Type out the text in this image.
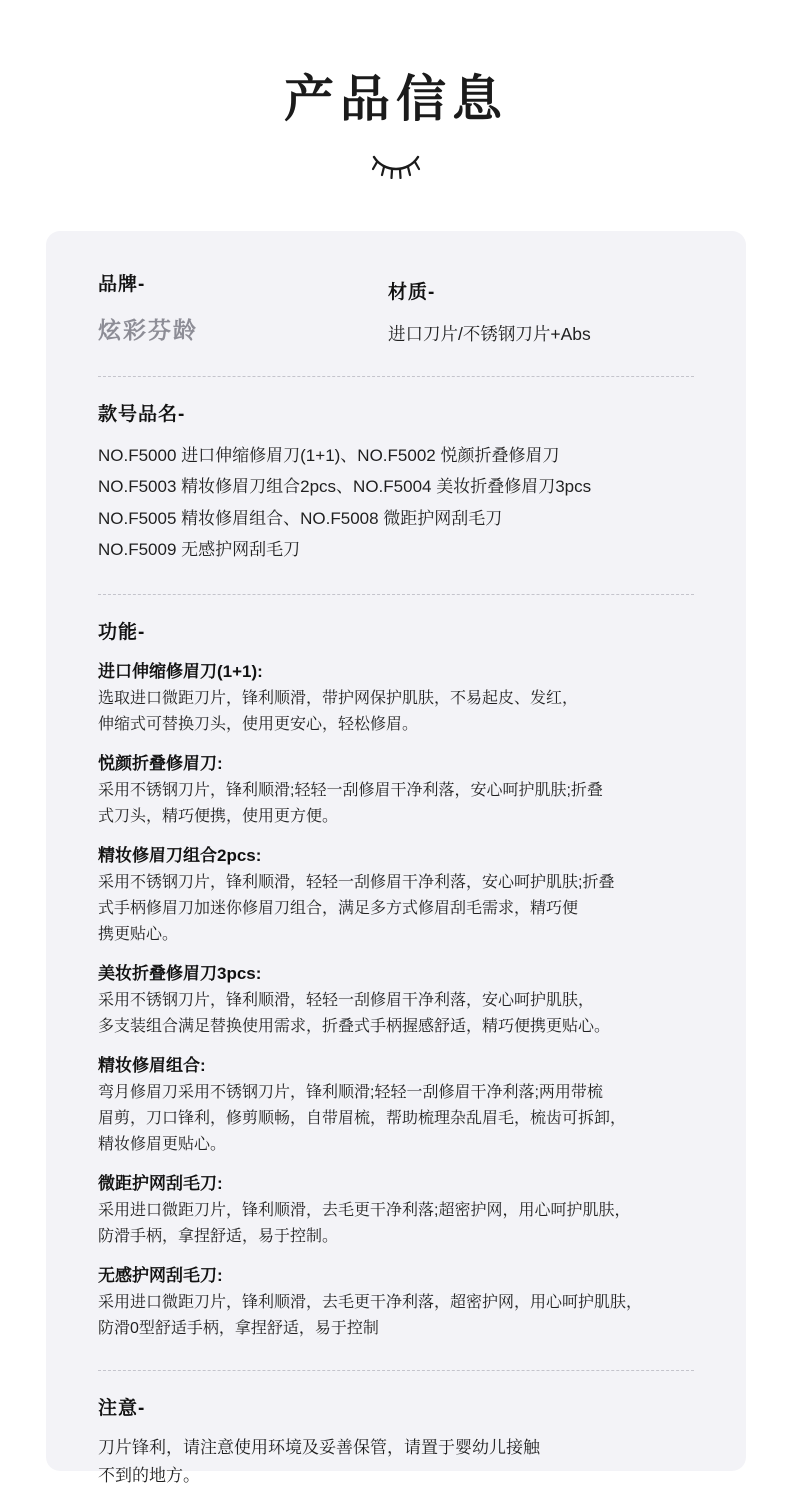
产品信息
品牌-
炫彩芬龄
材质-
进口刀片/不锈钢刀片+Abs
款号品名-
NO.F5000 进口伸缩修眉刀(1+1)、NO.F5002 悦颜折叠修眉刀
NO.F5003 精妆修眉刀组合2pcs、NO.F5004 美妆折叠修眉刀3pcs
NO.F5005 精妆修眉组合、NO.F5008 微距护网刮毛刀
NO.F5009 无感护网刮毛刀
功能-
进口伸缩修眉刀(1+1):
选取进口微距刀片，锋利顺滑，带护网保护肌肤，不易起皮、发红，
伸缩式可替换刀头，使用更安心，轻松修眉。
悦颜折叠修眉刀:
采用不锈钢刀片，锋利顺滑;轻轻一刮修眉干净利落，安心呵护肌肤;折叠
式刀头，精巧便携，使用更方便。
精妆修眉刀组合2pcs:
采用不锈钢刀片，锋利顺滑，轻轻一刮修眉干净利落，安心呵护肌肤;折叠
式手柄修眉刀加迷你修眉刀组合，满足多方式修眉刮毛需求，精巧便
携更贴心。
美妆折叠修眉刀3pcs:
采用不锈钢刀片，锋利顺滑，轻轻一刮修眉干净利落，安心呵护肌肤，
多支装组合满足替换使用需求，折叠式手柄握感舒适，精巧便携更贴心。
精妆修眉组合:
弯月修眉刀采用不锈钢刀片，锋利顺滑;轻轻一刮修眉干净利落;两用带梳
眉剪，刀口锋利，修剪顺畅，自带眉梳，帮助梳理杂乱眉毛，梳齿可拆卸，
精妆修眉更贴心。
微距护网刮毛刀:
采用进口微距刀片，锋利顺滑，去毛更干净利落;超密护网，用心呵护肌肤，
防滑手柄，拿捏舒适，易于控制。
无感护网刮毛刀:
采用进口微距刀片，锋利顺滑，去毛更干净利落，超密护网，用心呵护肌肤，
防滑0型舒适手柄，拿捏舒适，易于控制
注意-
刀片锋利，请注意使用环境及妥善保管，请置于婴幼儿接触
不到的地方。
